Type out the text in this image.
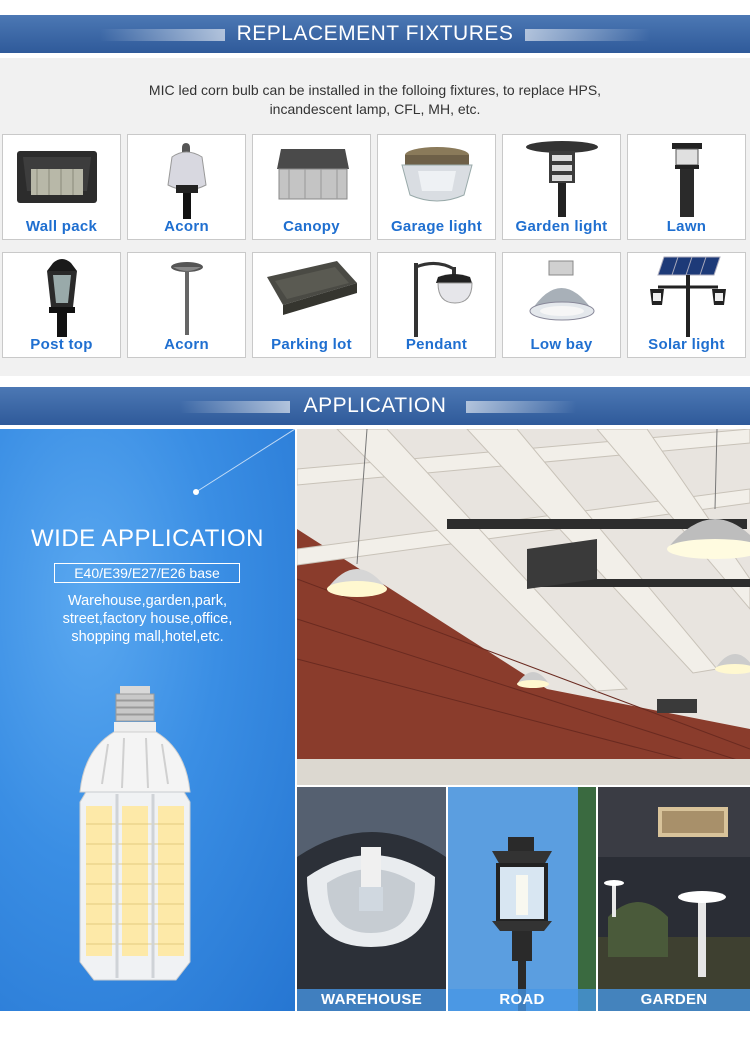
REPLACEMENT FIXTURES
MIC led corn bulb can be installed in the folloing fixtures, to replace HPS,
incandescent lamp, CFL, MH, etc.
Wall pack	Acorn	Canopy	Garage light	Garden light	Lawn
Post top	Acorn	Parking lot	Pendant	Low bay	Solar light
APPLICATION
WIDE APPLICATION
E40/E39/E27/E26 base
Warehouse,garden,park,
street,factory house,office,
shopping mall,hotel,etc.
WAREHOUSE	ROAD	GARDEN
